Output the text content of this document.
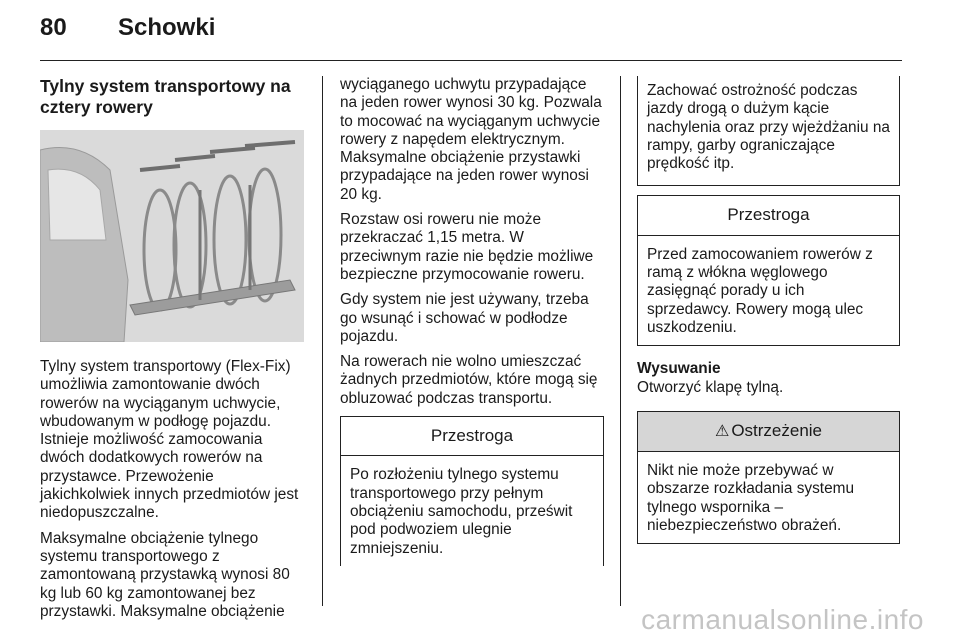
80 Schowki
Tylny system transportowy na cztery rowery

Tylny system transportowy (Flex-Fix) umożliwia zamontowanie dwóch rowerów na wyciąganym uchwycie, wbudowanym w podłogę pojazdu. Istnieje możliwość zamocowania dwóch dodatkowych rowerów na przystawce. Przewożenie jakichkolwiek innych przedmiotów jest niedopuszczalne.

Maksymalne obciążenie tylnego systemu transportowego z zamontowaną przystawką wynosi 80 kg lub 60 kg zamontowanej bez przystawki. Maksymalne obciążenie

wyciąganego uchwytu przypadające na jeden rower wynosi 30 kg. Pozwala to mocować na wyciąganym uchwycie rowery z napędem elektrycznym. Maksymalne obciążenie przystawki przypadające na jeden rower wynosi 20 kg.

Rozstaw osi roweru nie może przekraczać 1,15 metra. W przeciwnym razie nie będzie możliwe bezpieczne przymocowanie roweru.

Gdy system nie jest używany, trzeba go wsunąć i schować w podłodze pojazdu.

Na rowerach nie wolno umieszczać żadnych przedmiotów, które mogą się obluzować podczas transportu.

Przestroga
Po rozłożeniu tylnego systemu transportowego przy pełnym obciążeniu samochodu, prześwit pod podwoziem ulegnie zmniejszeniu.
Zachować ostrożność podczas jazdy drogą o dużym kącie nachylenia oraz przy wjeżdżaniu na rampy, garby ograniczające prędkość itp.
Przestroga
Przed zamocowaniem rowerów z ramą z włókna węglowego zasięgnąć porady u ich sprzedawcy. Rowery mogą ulec uszkodzeniu.
Wysuwanie
Otworzyć klapę tylną.
⚠ Ostrzeżenie
Nikt nie może przebywać w obszarze rozkładania systemu tylnego wspornika – niebezpieczeństwo obrażeń.
carmanualsonline.info
